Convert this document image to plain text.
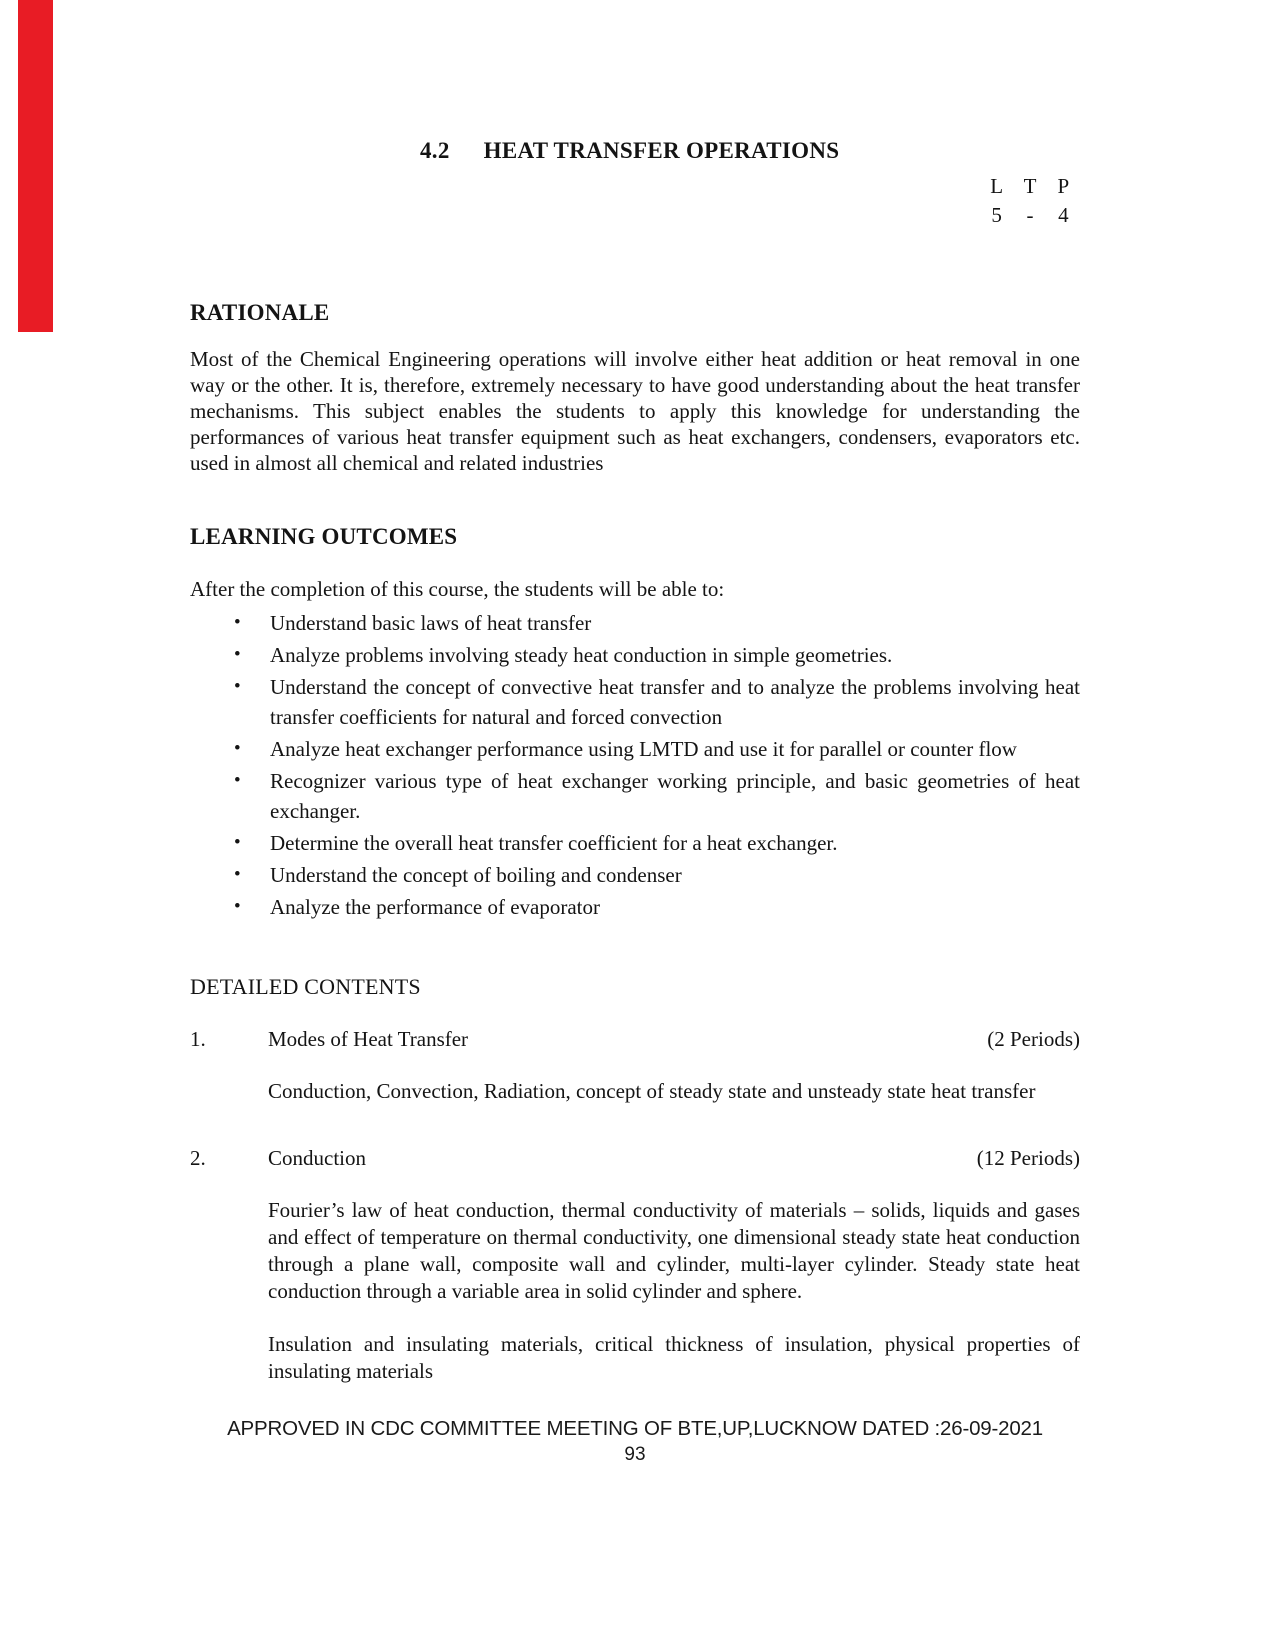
4.2 HEAT TRANSFER OPERATIONS
L T	P
5	-	4
RATIONALE
Most of the Chemical Engineering operations will involve either heat addition or heat removal in one way or the other. It is, therefore, extremely necessary to have good understanding about the heat transfer mechanisms. This subject enables the students to apply this knowledge for understanding the performances of various heat transfer equipment such as heat exchangers, condensers, evaporators etc. used in almost all chemical and related industries
LEARNING OUTCOMES
After the completion of this course, the students will be able to:
•	Understand basic laws of heat transfer
•	Analyze problems involving steady heat conduction in simple geometries.
•	Understand the concept of convective heat transfer and to analyze the problems involving heat transfer coefficients for natural and forced convection
•	Analyze heat exchanger performance using LMTD and use it for parallel or counter flow
•	Recognizer various type of heat exchanger working principle, and basic geometries of heat exchanger.
•	Determine the overall heat transfer coefficient for a heat exchanger.
•	Understand the concept of boiling and condenser
•	Analyze the performance of evaporator
DETAILED CONTENTS
1.	Modes of Heat Transfer	(2 Periods)
Conduction, Convection, Radiation, concept of steady state and unsteady state heat transfer
2.	Conduction	(12 Periods)
Fourier’s law of heat conduction, thermal conductivity of materials – solids, liquids and gases and effect of temperature on thermal conductivity, one dimensional steady state heat conduction through a plane wall, composite wall and cylinder, multi-layer cylinder. Steady state heat conduction through a variable area in solid cylinder and sphere.
Insulation and insulating materials, critical thickness of insulation, physical properties of insulating materials
APPROVED IN CDC COMMITTEE MEETING OF BTE,UP,LUCKNOW DATED :26-09-2021
93
